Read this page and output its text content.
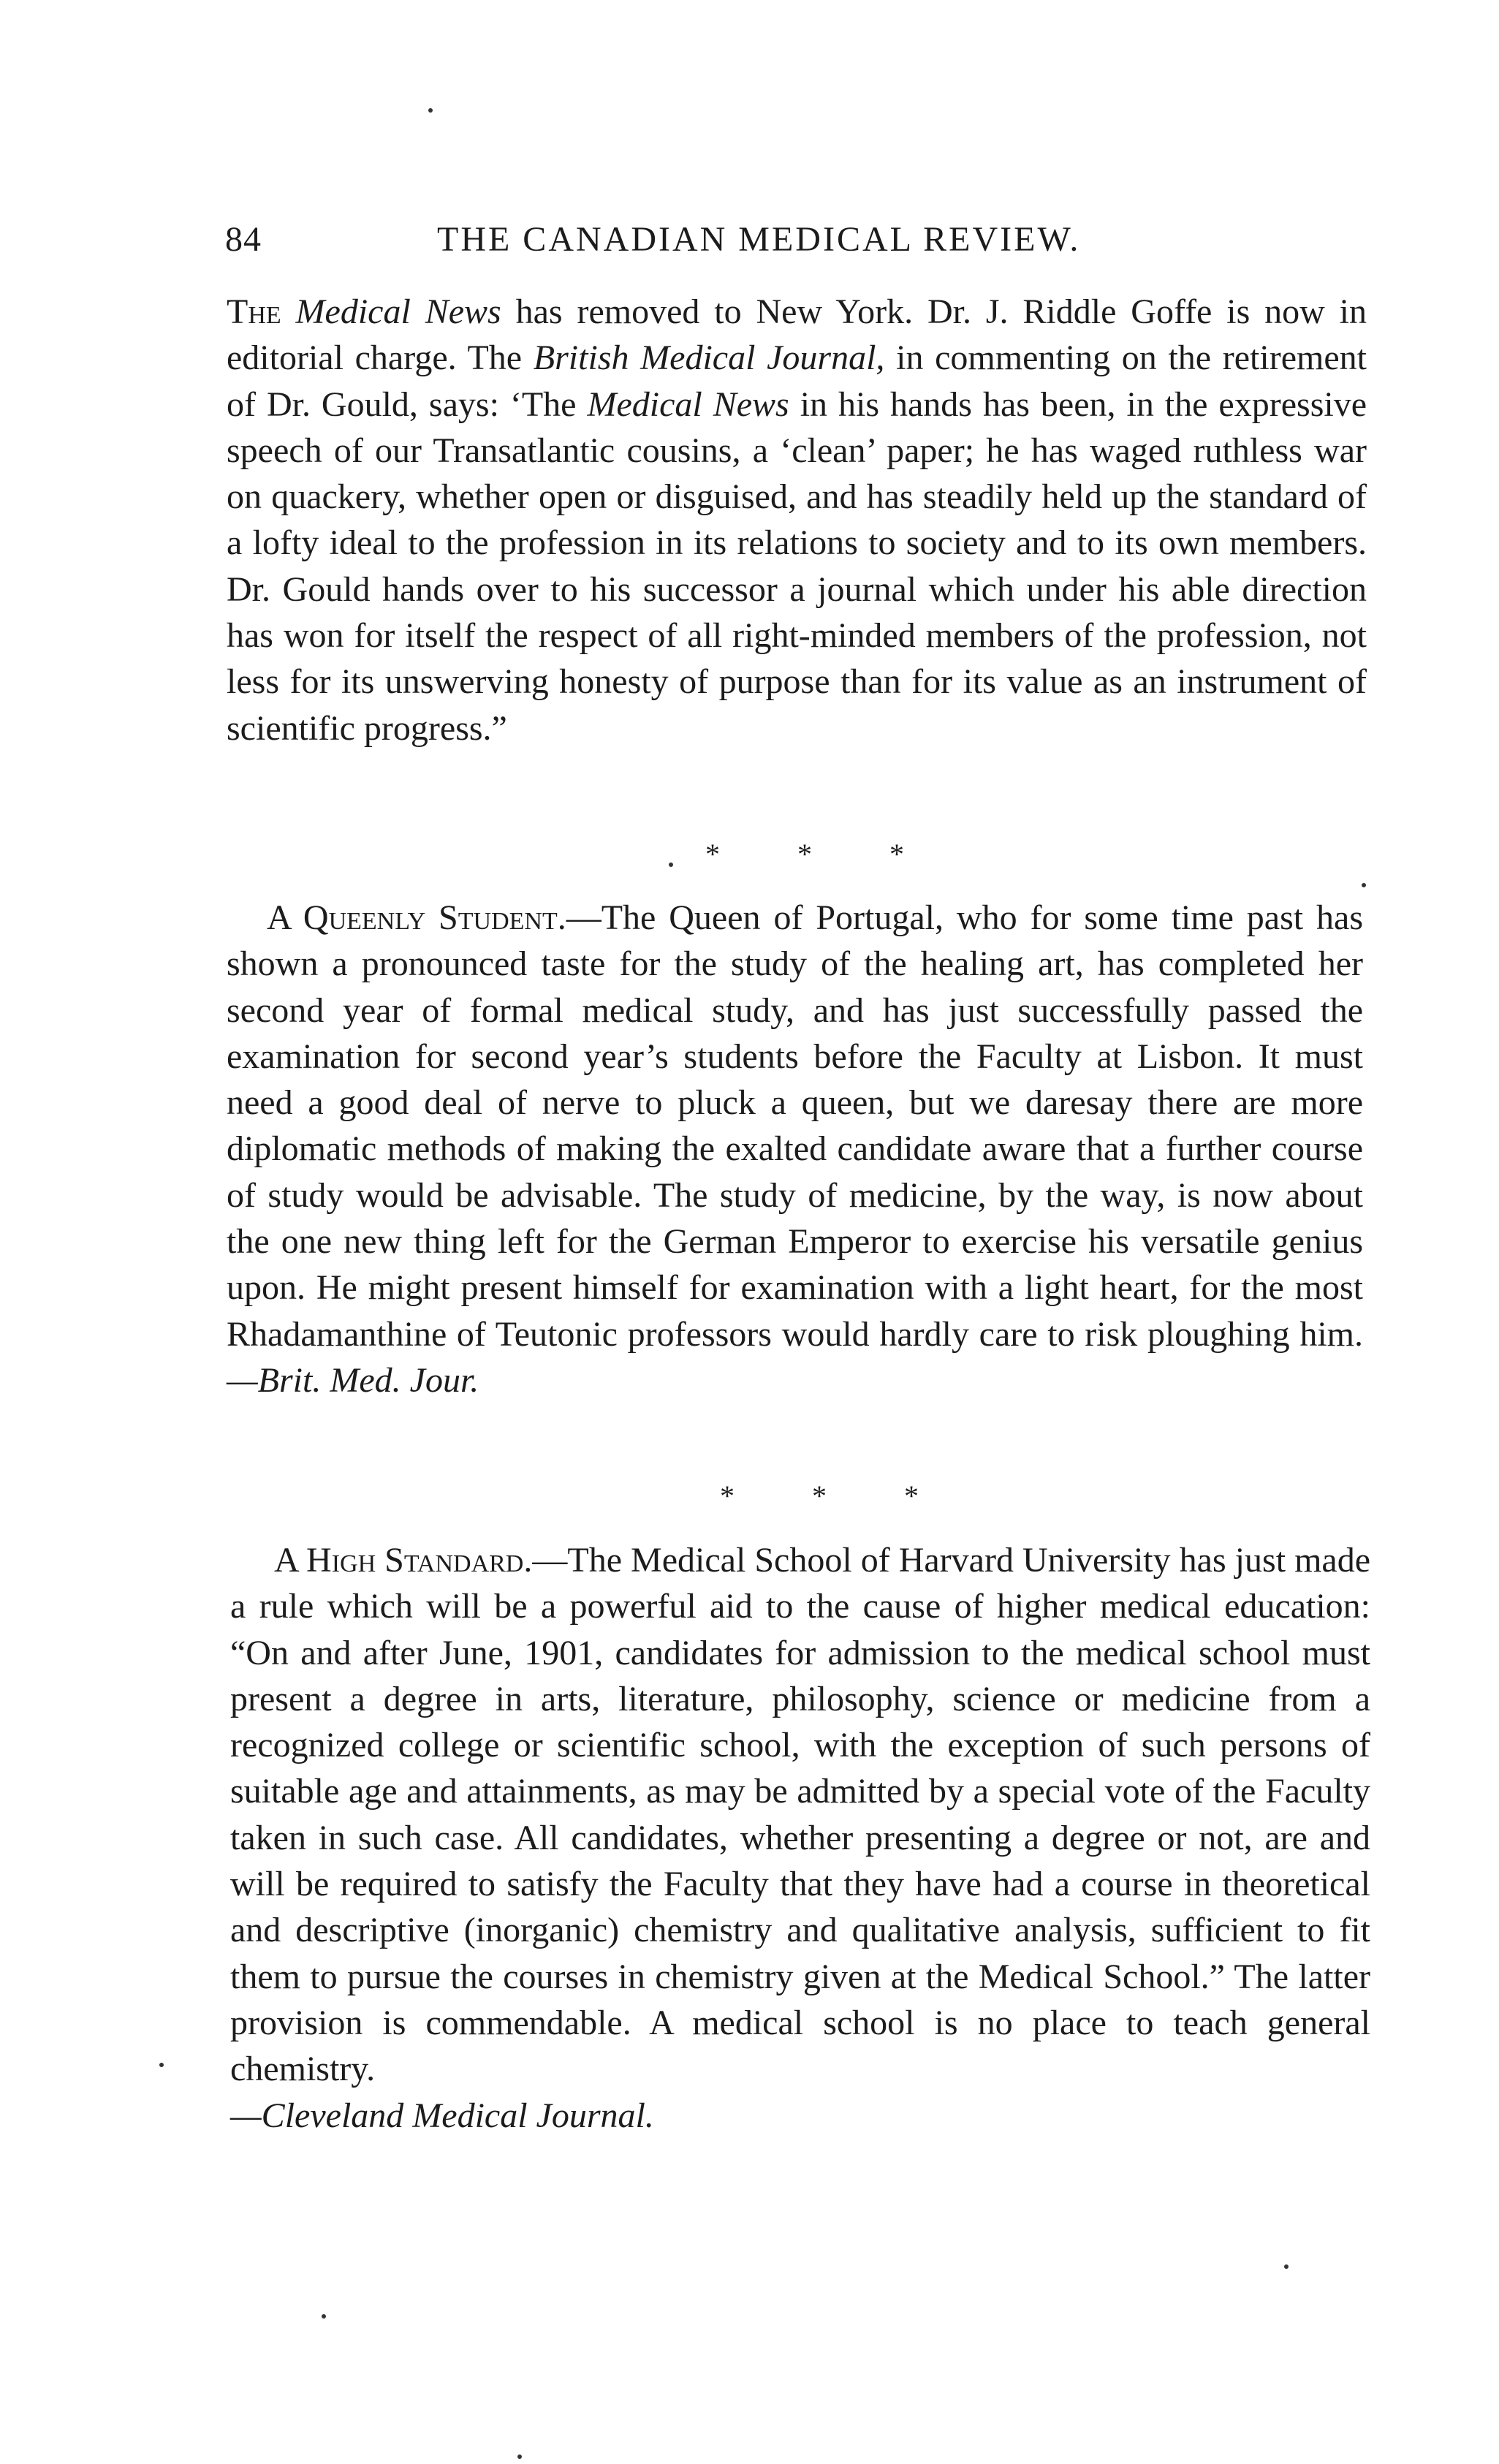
84	THE CANADIAN MEDICAL REVIEW.

The Medical News has removed to New York. Dr. J. Riddle Goffe is now in editorial charge. The British Medical Journal, in commenting on the retirement of Dr. Gould, says: ‘The Medical News in his hands has been, in the expressive speech of our Transatlantic cousins, a ‘clean’ paper; he has waged ruthless war on quackery, whether open or disguised, and has steadily held up the standard of a lofty ideal to the profession in its relations to society and to its own members. Dr. Gould hands over to his successor a journal which under his able direction has won for itself the respect of all right-minded members of the profession, not less for its unswerving honesty of purpose than for its value as an instrument of scientific progress.”

* * *

A Queenly Student.—The Queen of Portugal, who for some time past has shown a pronounced taste for the study of the healing art, has completed her second year of formal medical study, and has just successfully passed the examination for second year’s students before the Faculty at Lisbon. It must need a good deal of nerve to pluck a queen, but we daresay there are more diplomatic methods of making the exalted candidate aware that a further course of study would be advisable. The study of medicine, by the way, is now about the one new thing left for the German Emperor to exercise his versatile genius upon. He might present himself for examination with a light heart, for the most Rhadamanthine of Teutonic professors would hardly care to risk ploughing him.—Brit. Med. Jour.

* * *

A High Standard.—The Medical School of Harvard University has just made a rule which will be a powerful aid to the cause of higher medical education: “On and after June, 1901, candidates for admission to the medical school must present a degree in arts, literature, philosophy, science or medicine from a recognized college or scientific school, with the exception of such persons of suitable age and attainments, as may be admitted by a special vote of the Faculty taken in such case. All candidates, whether presenting a degree or not, are and will be required to satisfy the Faculty that they have had a course in theoretical and descriptive (inorganic) chemistry and qualitative analysis, sufficient to fit them to pursue the courses in chemistry given at the Medical School.” The latter provision is commendable. A medical school is no place to teach general chemistry.
—Cleveland Medical Journal.
